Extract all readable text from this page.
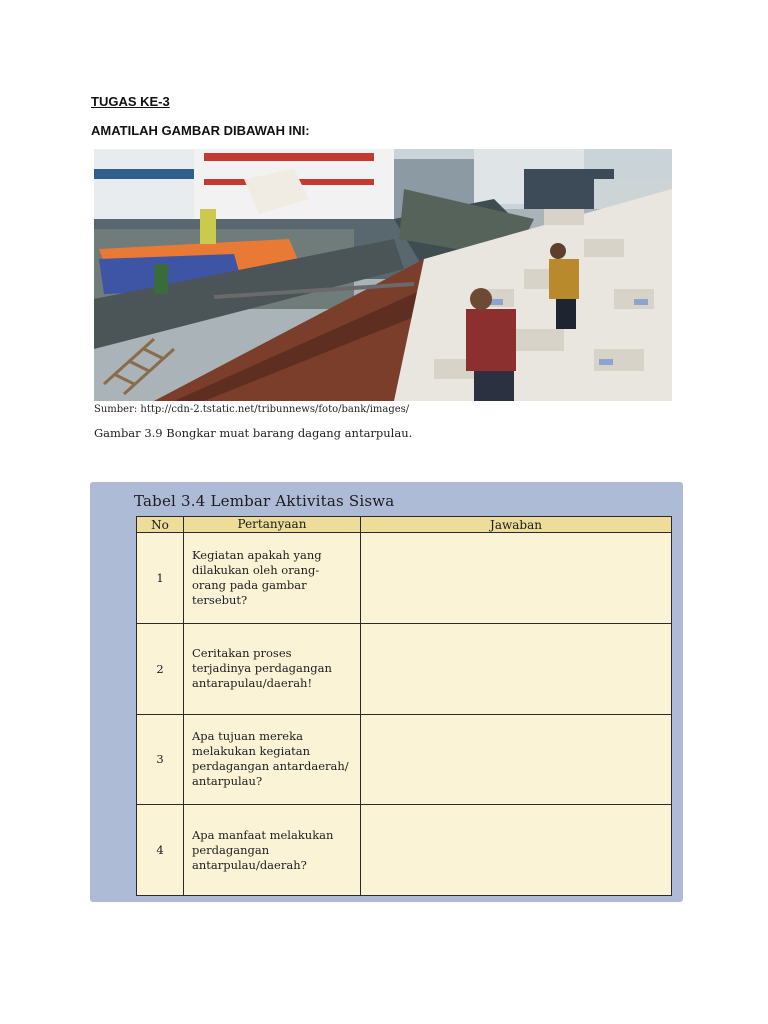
TUGAS KE-3
AMATILAH GAMBAR DIBAWAH INI:
Sumber: http://cdn-2.tstatic.net/tribunnews/foto/bank/images/
Gambar 3.9 Bongkar muat barang dagang antarpulau.
Tabel 3.4 Lembar Aktivitas Siswa
No	Pertanyaan	Jawaban
1	Kegiatan apakah yang dilakukan oleh orang-orang pada gambar tersebut?	
2	Ceritakan proses terjadinya perdagangan antarapulau/daerah!	
3	Apa tujuan mereka melakukan kegiatan perdagangan antardaerah/ antarpulau?	
4	Apa manfaat melakukan perdagangan antarpulau/daerah?	
